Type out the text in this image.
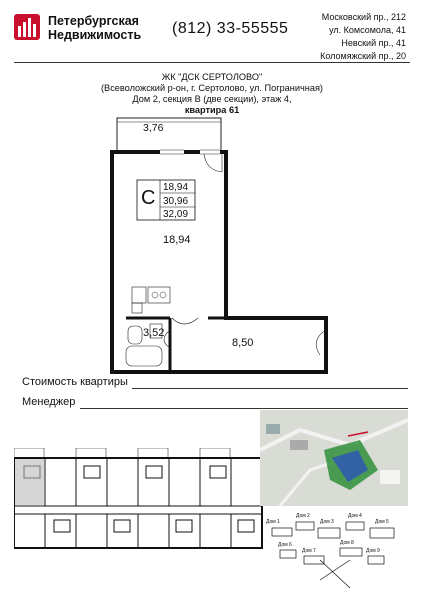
Петербургская
Недвижимость (812) 33-55555
Московский пр., 212
ул. Комсомола, 41
Невский пр., 41
Коломяжский пр., 20
ЖК "ДСК СЕРТОЛОВО"
(Всеволожский р-он, г. Сертолово, ул. Пограничная)
Дом 2, секция В (две секции), этаж 4,
квартира 61
3,76
С 18,94
30,96
32,09
18,94
3,52
8,50
Стоимость квартиры
Менеджер
Дом 1
Дом 2
Дом 3
Дом 4
Дом 5
Дом 6
Дом 7
Дом 8
Дом 9
